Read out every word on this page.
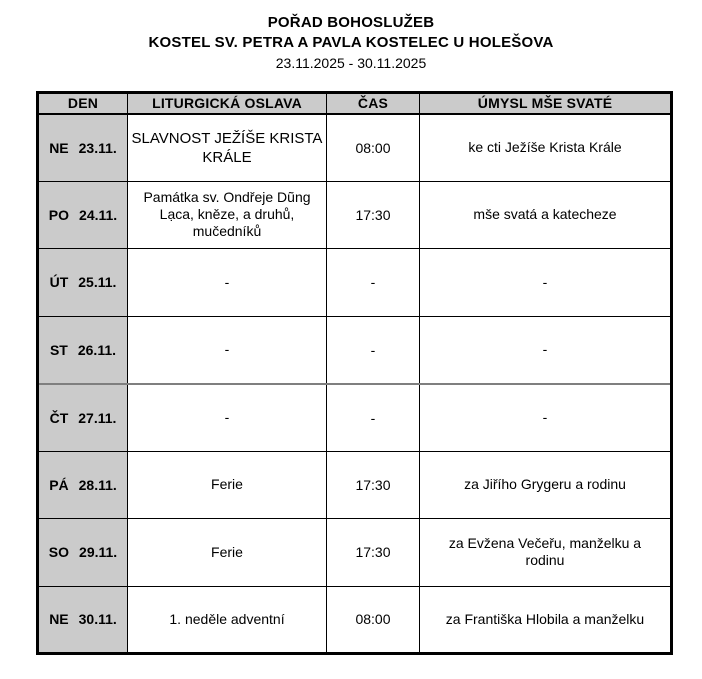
POŘAD BOHOSLUŽEB
KOSTEL SV. PETRA A PAVLA KOSTELEC U HOLEŠOVA
23.11.2025 - 30.11.2025
DEN	LITURGICKÁ OSLAVA	ČAS	ÚMYSL MŠE SVATÉ
NE 23.11.	SLAVNOST JEŽÍŠE KRISTA KRÁLE	08:00	ke cti Ježíše Krista Krále
PO 24.11.	Památka sv. Ondřeje Dũng Lạca, kněze, a druhů, mučedníků	17:30	mše svatá a katecheze
ÚT 25.11.	-	-	-
ST 26.11.	-	-	-
ČT 27.11.	-	-	-
PÁ 28.11.	Ferie	17:30	za Jiřího Grygeru a rodinu
SO 29.11.	Ferie	17:30	za Evžena Večeřu, manželku a rodinu
NE 30.11.	1. neděle adventní	08:00	za Františka Hlobila a manželku
